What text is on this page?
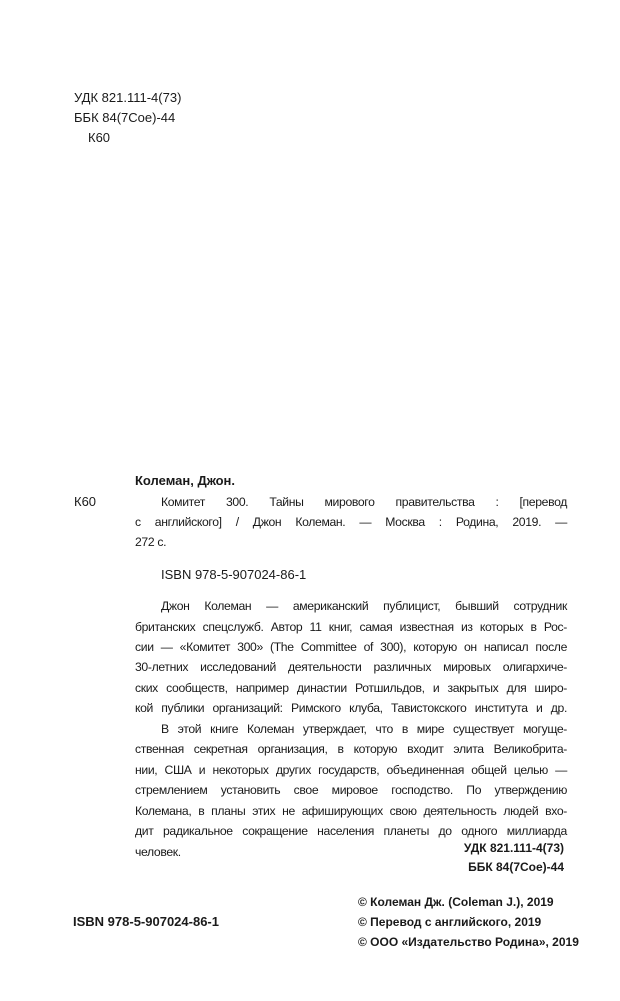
УДК 821.111-4(73)
ББК 84(7Сое)-44
К60
Колеман, Джон.
К60	Комитет 300. Тайны мирового правительства : [перевод
с английского] / Джон Колеман. — Москва : Родина, 2019. —
272 с.
ISBN 978-5-907024-86-1
Джон Колеман — американский публицист, бывший сотрудник
британских спецслужб. Автор 11 книг, самая известная из которых в Рос-
сии — «Комитет 300» (The Committee of 300), которую он написал после
30-летних исследований деятельности различных мировых олигархиче-
ских сообществ, например династии Ротшильдов, и закрытых для широ-
кой публики организаций: Римского клуба, Тавистокского института и др.
В этой книге Колеман утверждает, что в мире существует могуще-
ственная секретная организация, в которую входит элита Великобрита-
нии, США и некоторых других государств, объединенная общей целью —
стремлением установить свое мировое господство. По утверждению
Колемана, в планы этих не афиширующих свою деятельность людей вхо-
дит радикальное сокращение населения планеты до одного миллиарда
человек.	УДК 821.111-4(73)
ББК 84(7Сое)-44
ISBN 978-5-907024-86-1
© Колеман Дж. (Coleman J.), 2019
© Перевод с английского, 2019
© ООО «Издательство Родина», 2019
